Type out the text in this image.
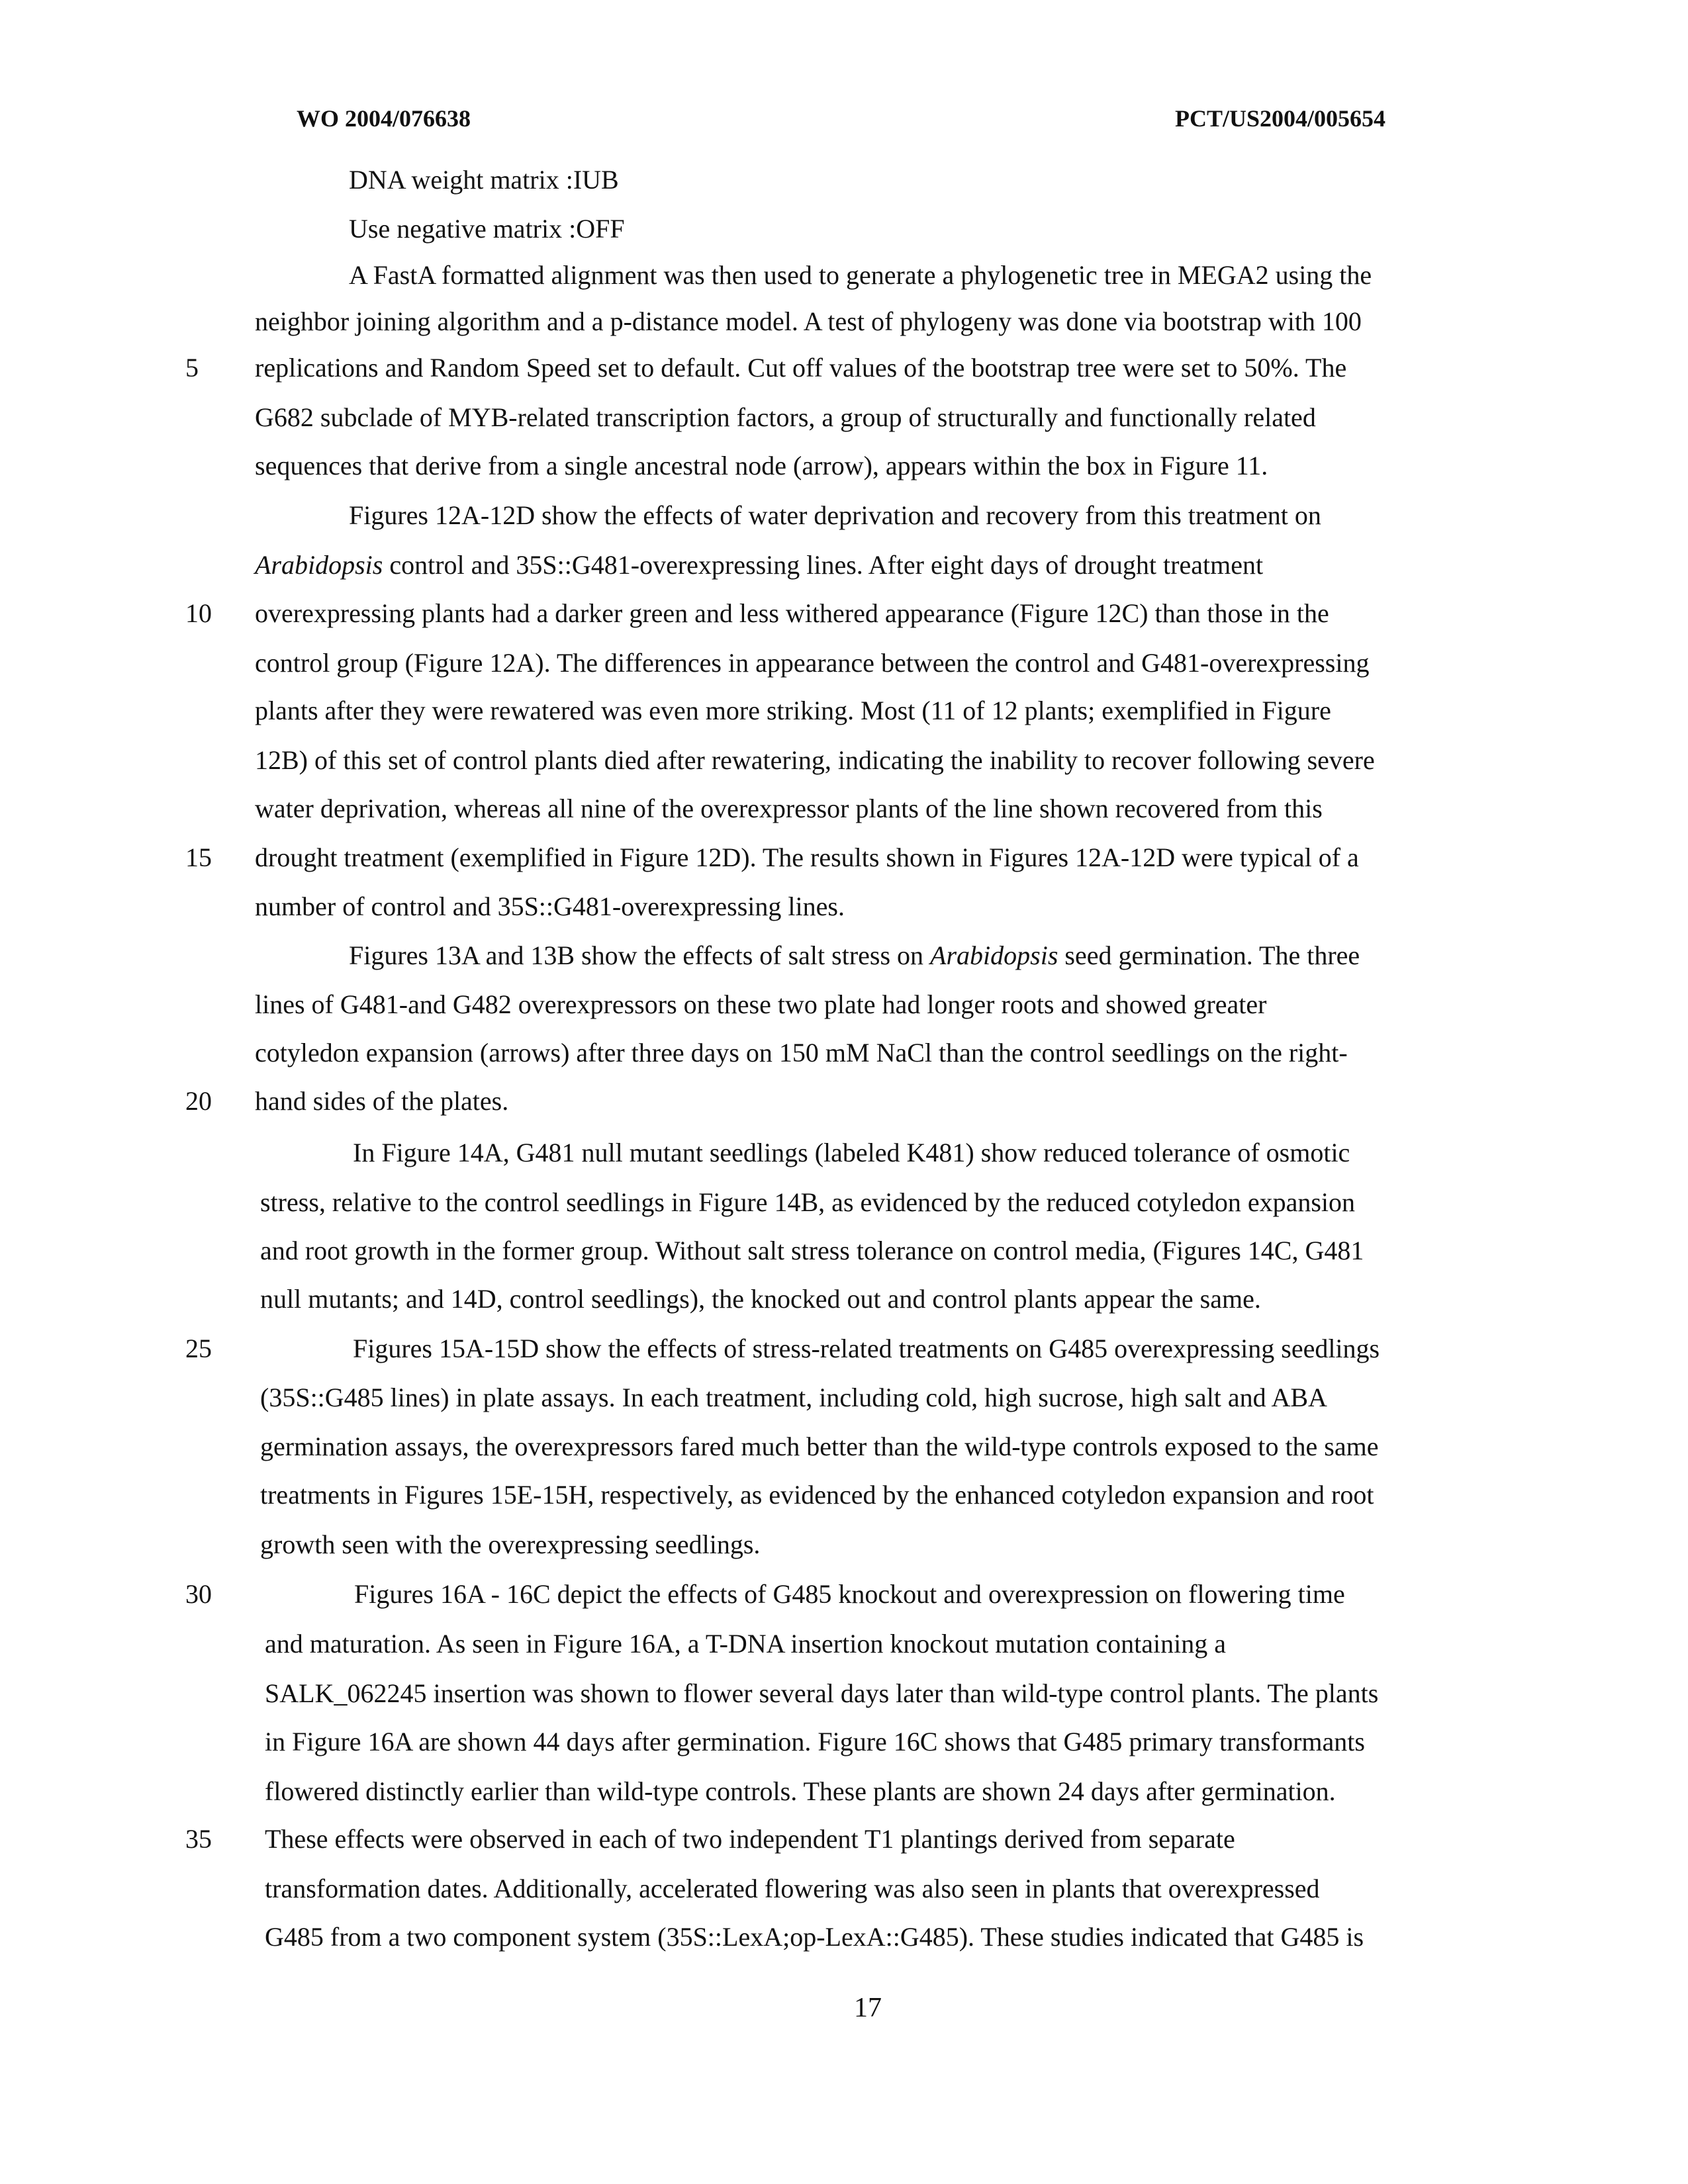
WO 2004/076638	PCT/US2004/005654
DNA weight matrix :IUB
Use negative matrix :OFF
A FastA formatted alignment was then used to generate a phylogenetic tree in MEGA2 using the
neighbor joining algorithm and a p-distance model. A test of phylogeny was done via bootstrap with 100
replications and Random Speed set to default. Cut off values of the bootstrap tree were set to 50%. The
G682 subclade of MYB-related transcription factors, a group of structurally and functionally related
sequences that derive from a single ancestral node (arrow), appears within the box in Figure 11.
Figures 12A-12D show the effects of water deprivation and recovery from this treatment on
Arabidopsis control and 35S::G481-overexpressing lines. After eight days of drought treatment
overexpressing plants had a darker green and less withered appearance (Figure 12C) than those in the
control group (Figure 12A). The differences in appearance between the control and G481-overexpressing
plants after they were rewatered was even more striking. Most (11 of 12 plants; exemplified in Figure
12B) of this set of control plants died after rewatering, indicating the inability to recover following severe
water deprivation, whereas all nine of the overexpressor plants of the line shown recovered from this
drought treatment (exemplified in Figure 12D). The results shown in Figures 12A-12D were typical of a
number of control and 35S::G481-overexpressing lines.
Figures 13A and 13B show the effects of salt stress on Arabidopsis seed germination. The three
lines of G481-and G482 overexpressors on these two plate had longer roots and showed greater
cotyledon expansion (arrows) after three days on 150 mM NaCl than the control seedlings on the right-
hand sides of the plates.
In Figure 14A, G481 null mutant seedlings (labeled K481) show reduced tolerance of osmotic
stress, relative to the control seedlings in Figure 14B, as evidenced by the reduced cotyledon expansion
and root growth in the former group. Without salt stress tolerance on control media, (Figures 14C, G481
null mutants; and 14D, control seedlings), the knocked out and control plants appear the same.
Figures 15A-15D show the effects of stress-related treatments on G485 overexpressing seedlings
(35S::G485 lines) in plate assays. In each treatment, including cold, high sucrose, high salt and ABA
germination assays, the overexpressors fared much better than the wild-type controls exposed to the same
treatments in Figures 15E-15H, respectively, as evidenced by the enhanced cotyledon expansion and root
growth seen with the overexpressing seedlings.
Figures 16A - 16C depict the effects of G485 knockout and overexpression on flowering time
and maturation. As seen in Figure 16A, a T-DNA insertion knockout mutation containing a
SALK_062245 insertion was shown to flower several days later than wild-type control plants. The plants
in Figure 16A are shown 44 days after germination. Figure 16C shows that G485 primary transformants
flowered distinctly earlier than wild-type controls. These plants are shown 24 days after germination.
These effects were observed in each of two independent T1 plantings derived from separate
transformation dates. Additionally, accelerated flowering was also seen in plants that overexpressed
G485 from a two component system (35S::LexA;op-LexA::G485). These studies indicated that G485 is
5
10
15
20
25
30
35
17
